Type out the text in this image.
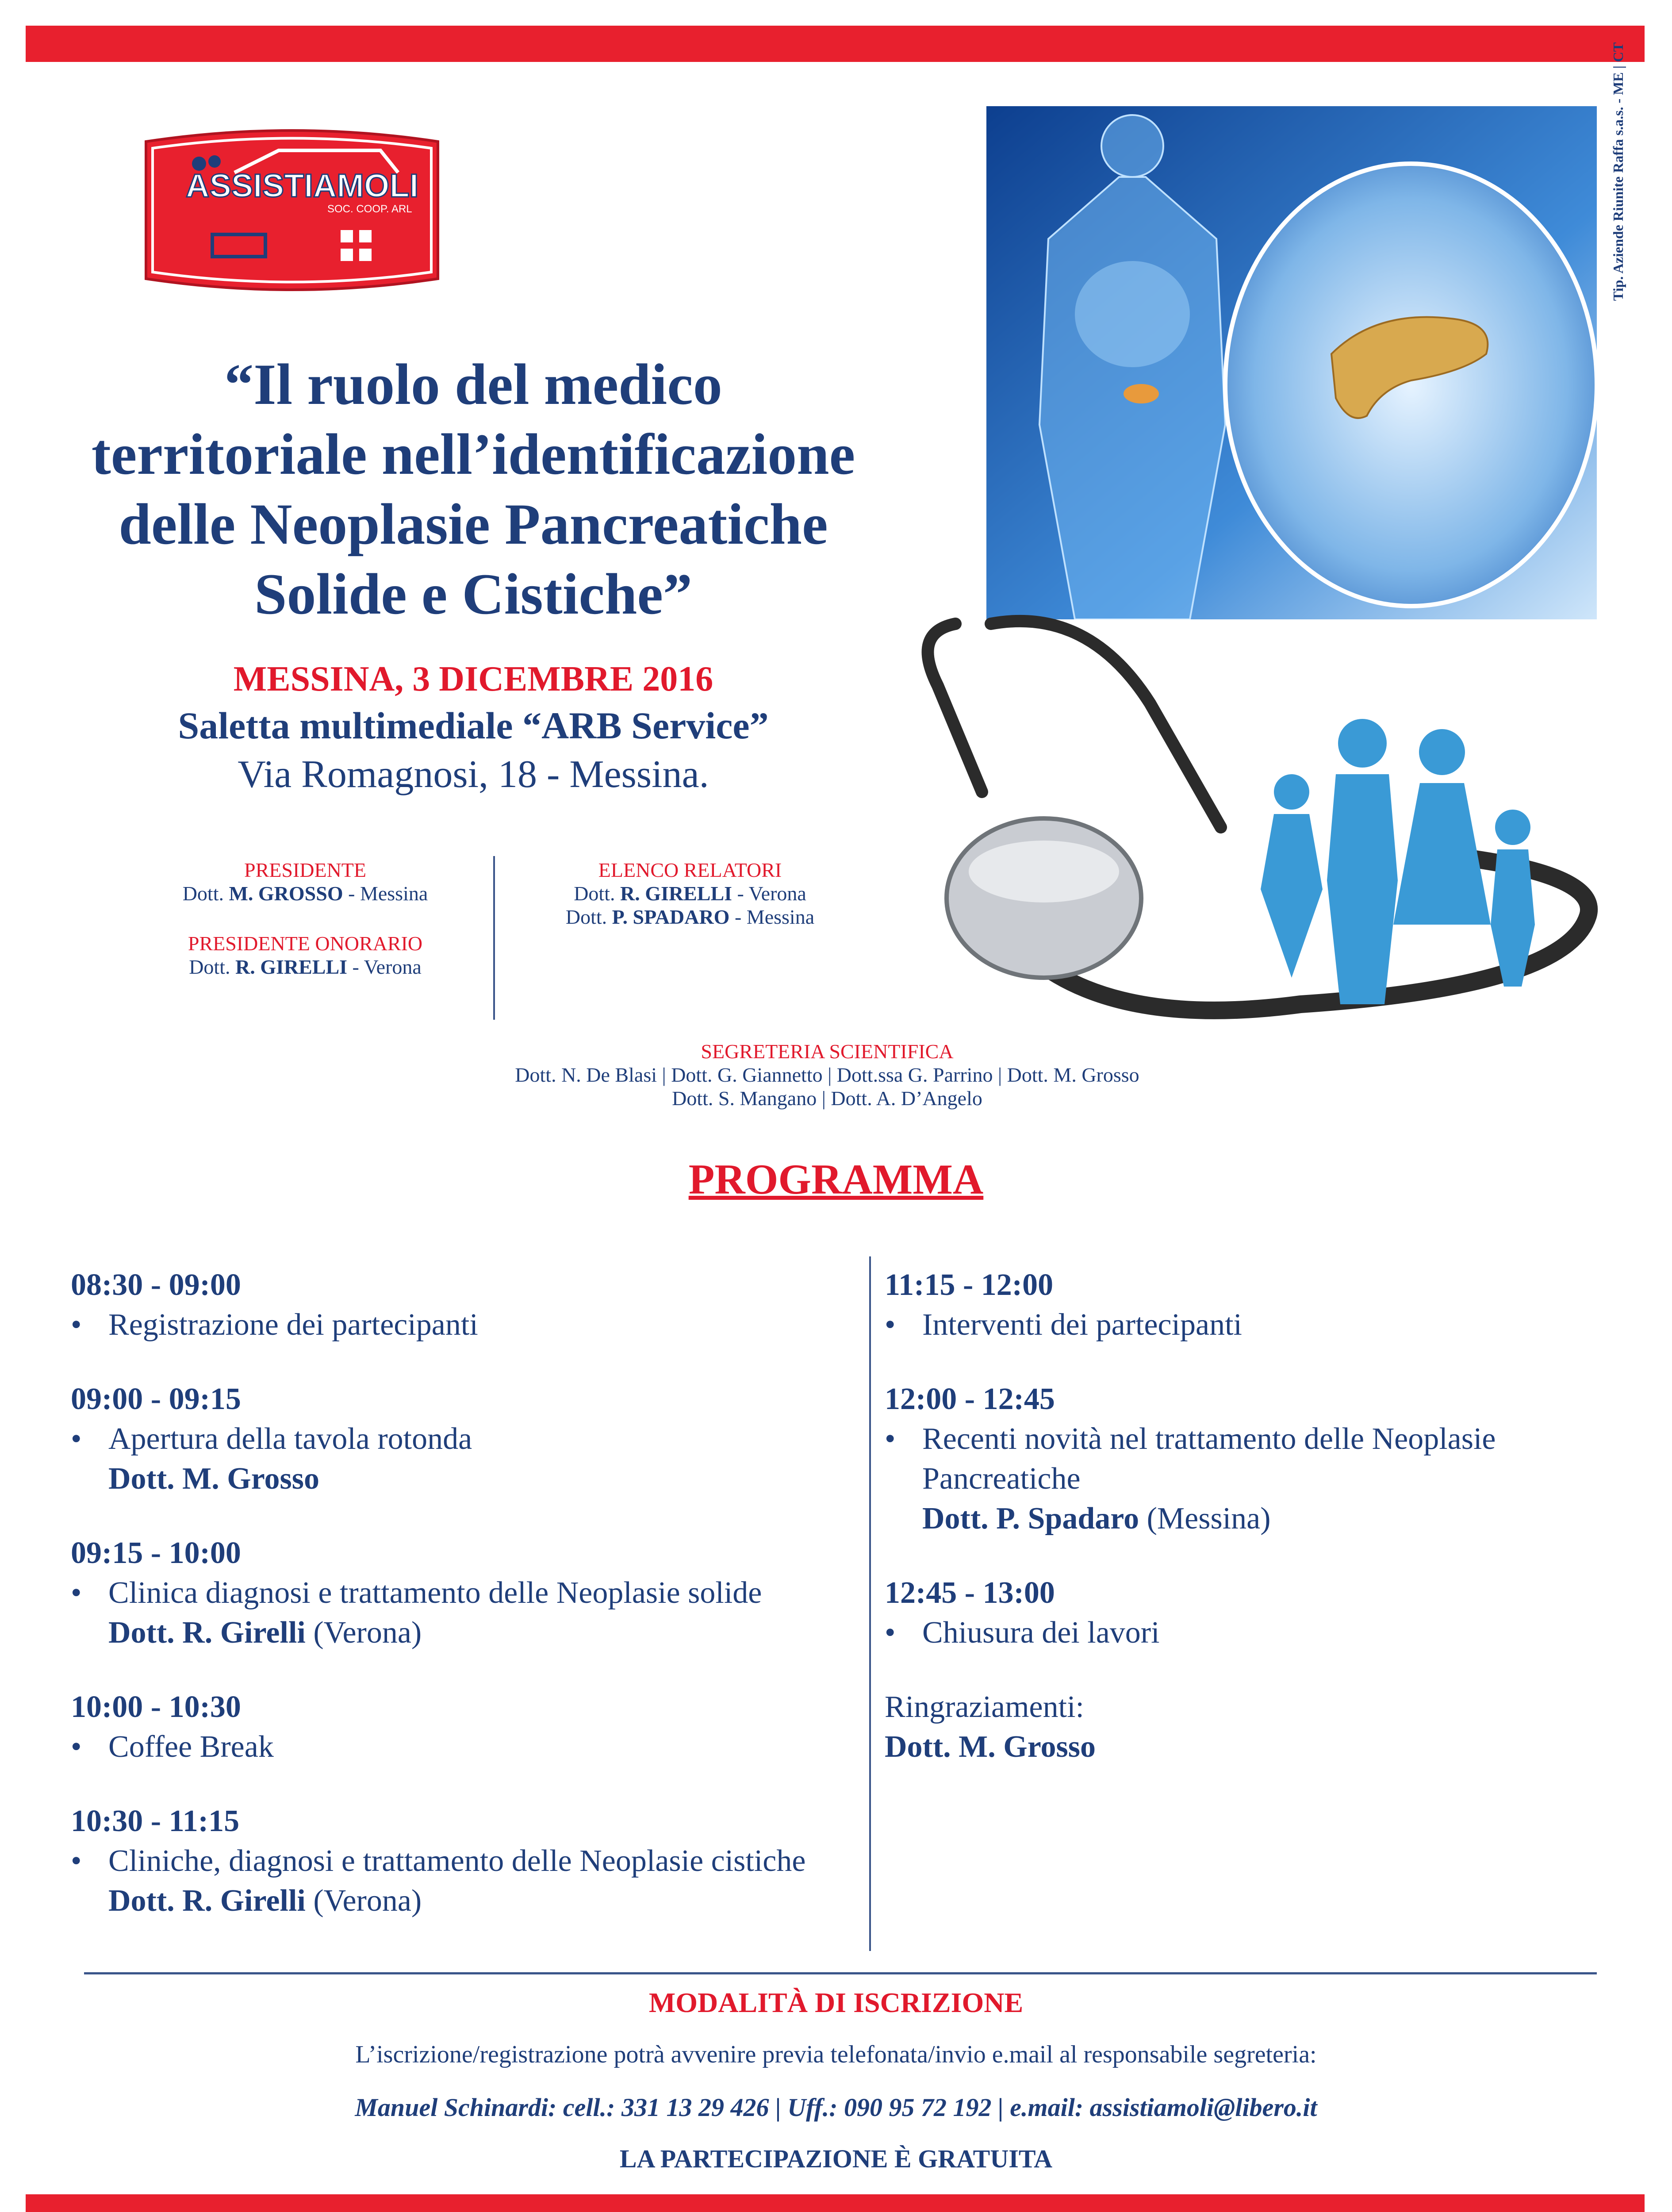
ASSISTIAMOLI
SOC. COOP. ARL
“Il ruolo del medico
territoriale nell’identificazione
delle Neoplasie Pancreatiche
Solide e Cistiche”
MESSINA, 3 DICEMBRE 2016
Saletta multimediale “ARB Service”
Via Romagnosi, 18 - Messina.
Tip. Aziende Riunite Raffa s.a.s. - ME | CT
PRESIDENTE
Dott. M. GROSSO - Messina
PRESIDENTE ONORARIO
Dott. R. GIRELLI - Verona
ELENCO RELATORI
Dott. R. GIRELLI - Verona
Dott. P. SPADARO - Messina
SEGRETERIA SCIENTIFICA
Dott. N. De Blasi | Dott. G. Giannetto | Dott.ssa G. Parrino | Dott. M. Grosso
Dott. S. Mangano | Dott. A. D’Angelo
PROGRAMMA
08:30 - 09:00
• Registrazione dei partecipanti
09:00 - 09:15
• Apertura della tavola rotonda
Dott. M. Grosso
09:15 - 10:00
• Clinica diagnosi e trattamento delle Neoplasie solide
Dott. R. Girelli (Verona)
10:00 - 10:30
• Coffee Break
10:30 - 11:15
• Cliniche, diagnosi e trattamento delle Neoplasie cistiche
Dott. R. Girelli (Verona)
11:15 - 12:00
• Interventi dei partecipanti
12:00 - 12:45
• Recenti novità nel trattamento delle Neoplasie Pancreatiche
Dott. P. Spadaro (Messina)
12:45 - 13:00
• Chiusura dei lavori
Ringraziamenti:
Dott. M. Grosso
MODALITÀ DI ISCRIZIONE
L’iscrizione/registrazione potrà avvenire previa telefonata/invio e.mail al responsabile segreteria:
Manuel Schinardi: cell.: 331 13 29 426 | Uff.: 090 95 72 192 | e.mail: assistiamoli@libero.it
LA PARTECIPAZIONE È GRATUITA
